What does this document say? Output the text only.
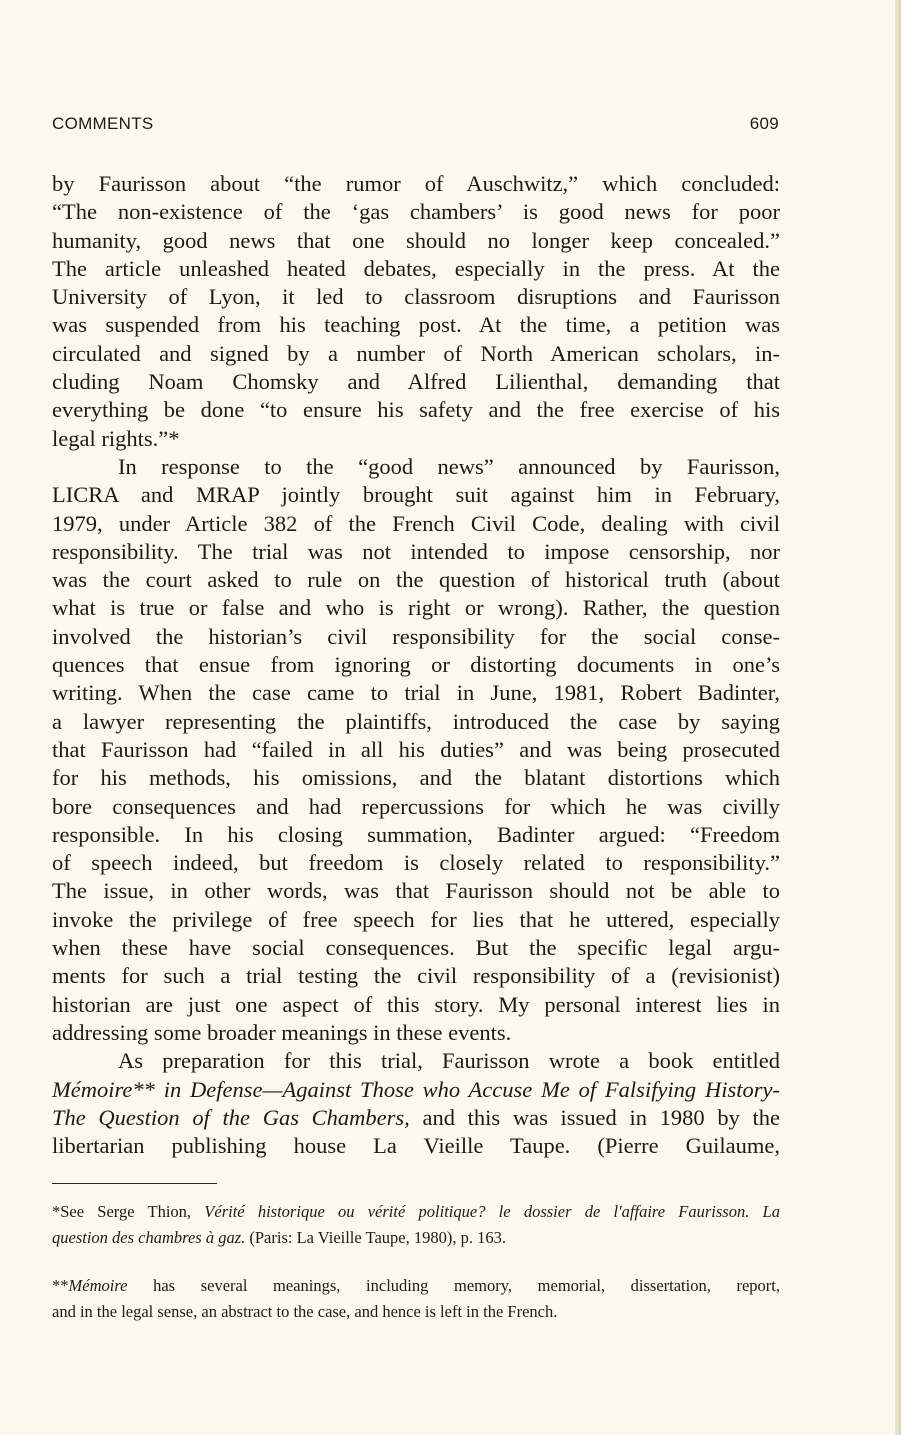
COMMENTS	609
by Faurisson about “the rumor of Auschwitz,” which concluded:
“The non-existence of the ‘gas chambers’ is good news for poor
humanity, good news that one should no longer keep concealed.”
The article unleashed heated debates, especially in the press. At the
University of Lyon, it led to classroom disruptions and Faurisson
was suspended from his teaching post. At the time, a petition was
circulated and signed by a number of North American scholars, in-
cluding Noam Chomsky and Alfred Lilienthal, demanding that
everything be done “to ensure his safety and the free exercise of his
legal rights.”*
In response to the “good news” announced by Faurisson,
LICRA and MRAP jointly brought suit against him in February,
1979, under Article 382 of the French Civil Code, dealing with civil
responsibility. The trial was not intended to impose censorship, nor
was the court asked to rule on the question of historical truth (about
what is true or false and who is right or wrong). Rather, the question
involved the historian’s civil responsibility for the social conse-
quences that ensue from ignoring or distorting documents in one’s
writing. When the case came to trial in June, 1981, Robert Badinter,
a lawyer representing the plaintiffs, introduced the case by saying
that Faurisson had “failed in all his duties” and was being prosecuted
for his methods, his omissions, and the blatant distortions which
bore consequences and had repercussions for which he was civilly
responsible. In his closing summation, Badinter argued: “Freedom
of speech indeed, but freedom is closely related to responsibility.”
The issue, in other words, was that Faurisson should not be able to
invoke the privilege of free speech for lies that he uttered, especially
when these have social consequences. But the specific legal argu-
ments for such a trial testing the civil responsibility of a (revisionist)
historian are just one aspect of this story. My personal interest lies in
addressing some broader meanings in these events.
As preparation for this trial, Faurisson wrote a book entitled
Mémoire** in Defense—Against Those who Accuse Me of Falsifying History-
The Question of the Gas Chambers, and this was issued in 1980 by the
libertarian publishing house La Vieille Taupe. (Pierre Guilaume,
*See Serge Thion, Vérité historique ou vérité politique? le dossier de l'affaire Faurisson. La
question des chambres à gaz. (Paris: La Vieille Taupe, 1980), p. 163.
**Mémoire has several meanings, including memory, memorial, dissertation, report,
and in the legal sense, an abstract to the case, and hence is left in the French.
